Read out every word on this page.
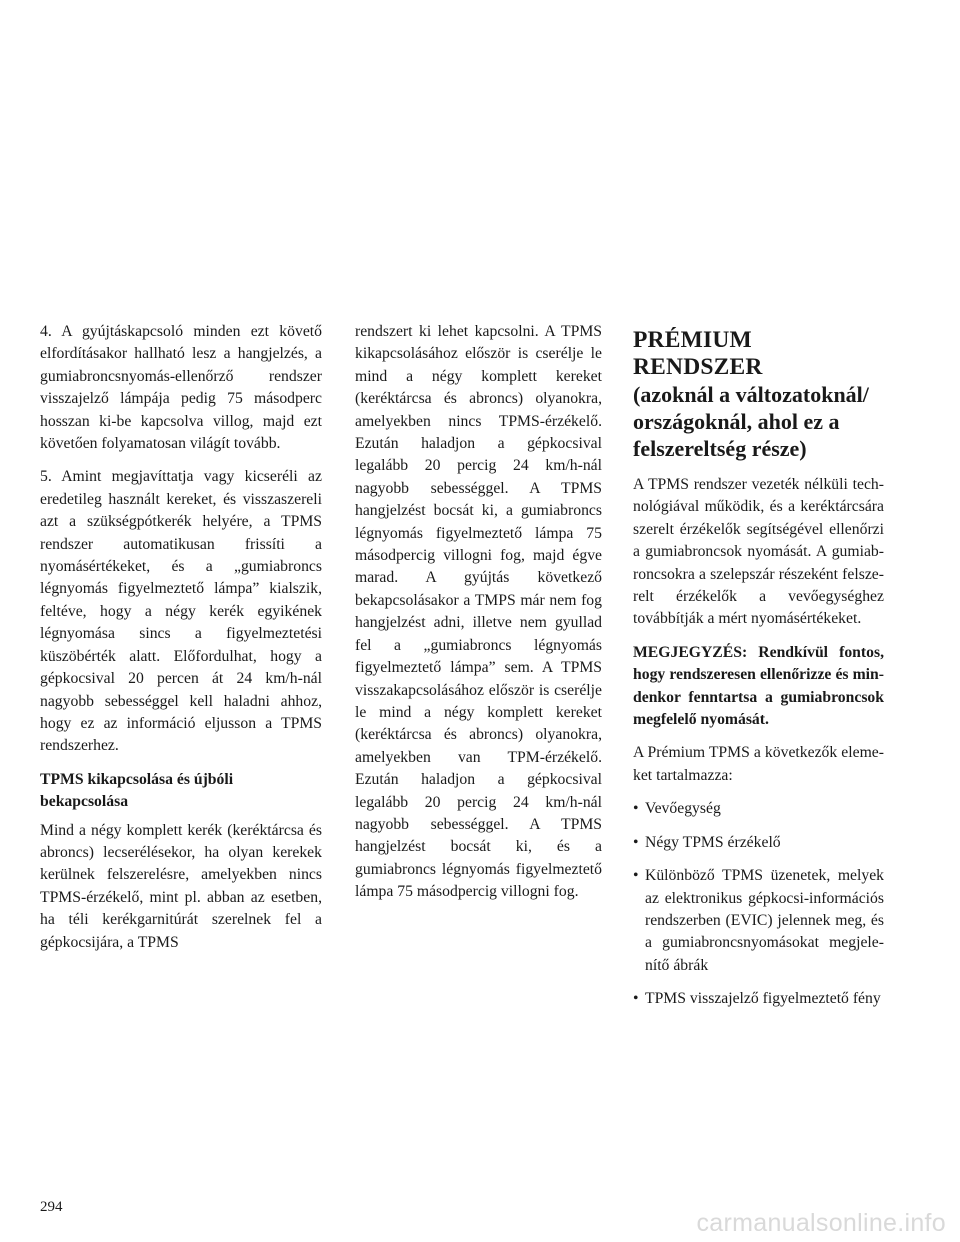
4. A gyújtáskapcsoló minden ezt követő elfordításakor hallható lesz a hangjelzés, a gumiabroncsnyomás-ellenőrző rendszer visszajelző lámpája pedig 75 másodperc hosszan ki-be kapcsolva villog, majd ezt követően folyamatosan világít tovább.

5. Amint megjavíttatja vagy kicseréli az eredetileg használt kereket, és visszaszereli azt a szükségpótkerék helyére, a TPMS rendszer automatikusan frissíti a nyomásértékeket, és a „gumiabroncs légnyomás figyelmeztető lámpa” kialszik, feltéve, hogy a négy kerék egyikének légnyomása sincs a figyelmeztetési küszöbérték alatt. Előfordulhat, hogy a gépkocsival 20 percen át 24 km/h-nál nagyobb sebességgel kell haladni ahhoz, hogy ez az információ eljusson a TPMS rendszerhez.

TPMS kikapcsolása és újbóli bekapcsolása

Mind a négy komplett kerék (keréktárcsa és abroncs) lecserélésekor, ha olyan kerekek kerülnek felszerelésre, amelyekben nincs TPMS-érzékelő, mint pl. abban az esetben, ha téli kerékgarnitúrát szerelnek fel a gépkocsijára, a TPMS

rendszert ki lehet kapcsolni. A TPMS kikapcsolásához először is cserélje le mind a négy komplett kereket (keréktárcsa és abroncs) olyanokra, amelyekben nincs TPMS-érzékelő. Ezután haladjon a gépkocsival legalább 20 percig 24 km/h-nál nagyobb sebességgel. A TPMS hangjelzést bocsát ki, a gumiabroncs légnyomás figyelmeztető lámpa 75 másodpercig villogni fog, majd égve marad. A gyújtás következő bekapcsolásakor a TMPS már nem fog hangjelzést adni, illetve nem gyullad fel a „gumiabroncs légnyomás figyelmeztető lámpa” sem. A TPMS visszakapcsolásához először is cserélje le mind a négy komplett kereket (keréktárcsa és abroncs) olyanokra, amelyekben van TPM-érzékelő. Ezután haladjon a gépkocsival legalább 20 percig 24 km/h-nál nagyobb sebességgel. A TPMS hangjelzést bocsát ki, és a gumiabroncs légnyomás figyelmeztető lámpa 75 másodpercig villogni fog.

PRÉMIUM RENDSZER
(azoknál a változatoknál/ országoknál, ahol ez a felszereltség része)

A TPMS rendszer vezeték nélküli technológiával működik, és a keréktárcsára szerelt érzékelők segítségével ellenőrzi a gumiabroncsok nyomását. A gumiabroncsokra a szelepszár részeként felszerelt érzékelők a vevőegységhez továbbítják a mért nyomásértékeket.

MEGJEGYZÉS: Rendkívül fontos, hogy rendszeresen ellenőrizze és mindenkor fenntartsa a gumiabroncsok megfelelő nyomását.

A Prémium TPMS a következők elemeket tartalmazza:

• Vevőegység
• Négy TPMS érzékelő
• Különböző TPMS üzenetek, melyek az elektronikus gépkocsi-információs rendszerben (EVIC) jelennek meg, és a gumiabroncsnyomásokat megjelenítő ábrák
• TPMS visszajelző figyelmeztető fény
294
carmanualsonline.info
